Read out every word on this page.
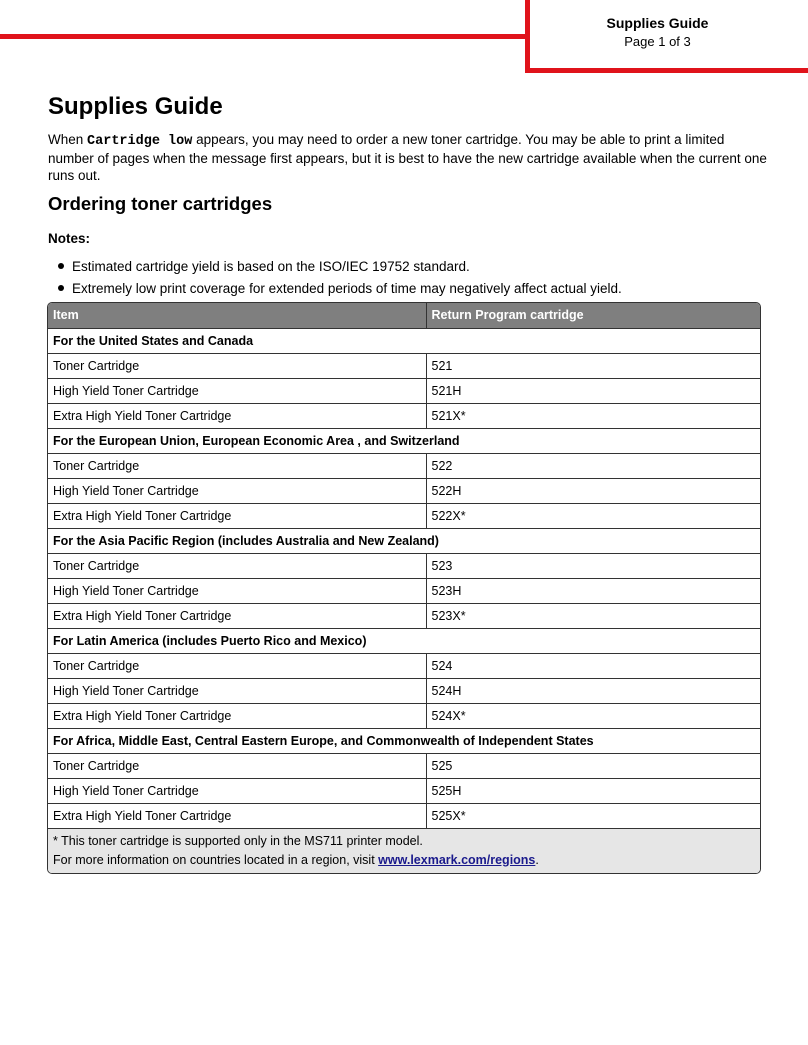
Supplies Guide
Page 1 of 3
Supplies Guide

When Cartridge low appears, you may need to order a new toner cartridge. You may be able to print a limited number of pages when the message first appears, but it is best to have the new cartridge available when the current one runs out.

Ordering toner cartridges
Notes:
Estimated cartridge yield is based on the ISO/IEC 19752 standard.
Extremely low print coverage for extended periods of time may negatively affect actual yield.
Item	Return Program cartridge
For the United States and Canada	
Toner Cartridge	521
High Yield Toner Cartridge	521H
Extra High Yield Toner Cartridge	521X*
For the European Union, European Economic Area , and Switzerland	
Toner Cartridge	522
High Yield Toner Cartridge	522H
Extra High Yield Toner Cartridge	522X*
For the Asia Pacific Region (includes Australia and New Zealand)	
Toner Cartridge	523
High Yield Toner Cartridge	523H
Extra High Yield Toner Cartridge	523X*
For Latin America (includes Puerto Rico and Mexico)	
Toner Cartridge	524
High Yield Toner Cartridge	524H
Extra High Yield Toner Cartridge	524X*
For Africa, Middle East, Central Eastern Europe, and Commonwealth of Independent States	
Toner Cartridge	525
High Yield Toner Cartridge	525H
Extra High Yield Toner Cartridge	525X*

* This toner cartridge is supported only in the MS711 printer model.
For more information on countries located in a region, visit www.lexmark.com/regions.	
